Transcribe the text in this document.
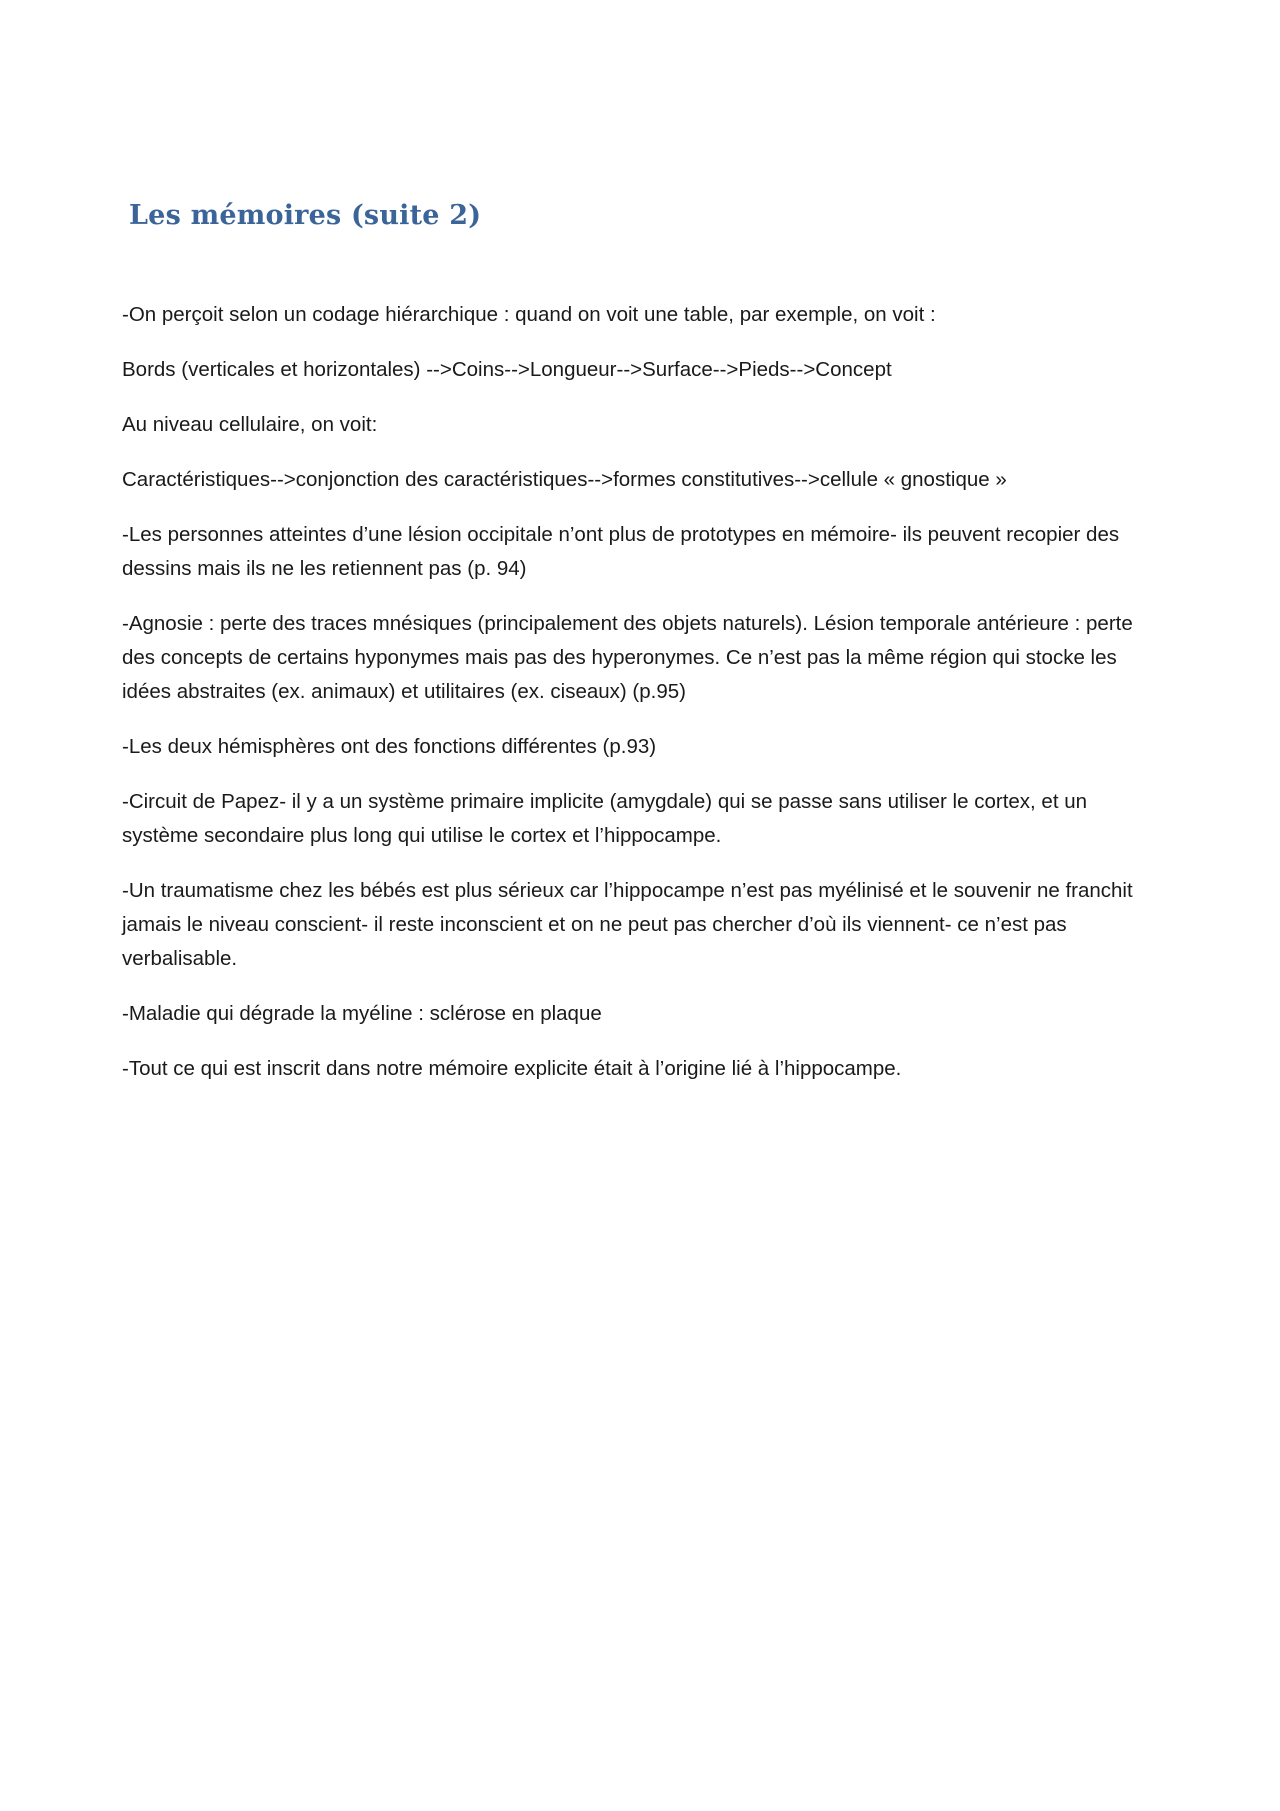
Les mémoires (suite 2)

-On perçoit selon un codage hiérarchique : quand on voit une table, par exemple, on voit :

Bords (verticales et horizontales) -->Coins-->Longueur-->Surface-->Pieds-->Concept

Au niveau cellulaire, on voit:

Caractéristiques-->conjonction des caractéristiques-->formes constitutives-->cellule « gnostique »

-Les personnes atteintes d’une lésion occipitale n’ont plus de prototypes en mémoire- ils peuvent recopier des dessins mais ils ne les retiennent pas (p. 94)

-Agnosie : perte des traces mnésiques (principalement des objets naturels). Lésion temporale antérieure : perte des concepts de certains hyponymes mais pas des hyperonymes. Ce n’est pas la même région qui stocke les idées abstraites (ex. animaux) et utilitaires (ex. ciseaux) (p.95)

-Les deux hémisphères ont des fonctions différentes (p.93)

-Circuit de Papez- il y a un système primaire implicite (amygdale) qui se passe sans utiliser le cortex, et un système secondaire plus long qui utilise le cortex et l’hippocampe.

-Un traumatisme chez les bébés est plus sérieux car l’hippocampe n’est pas myélinisé et le souvenir ne franchit jamais le niveau conscient- il reste inconscient et on ne peut pas chercher d’où ils viennent- ce n’est pas verbalisable.

-Maladie qui dégrade la myéline : sclérose en plaque

-Tout ce qui est inscrit dans notre mémoire explicite était à l’origine lié à l’hippocampe.
